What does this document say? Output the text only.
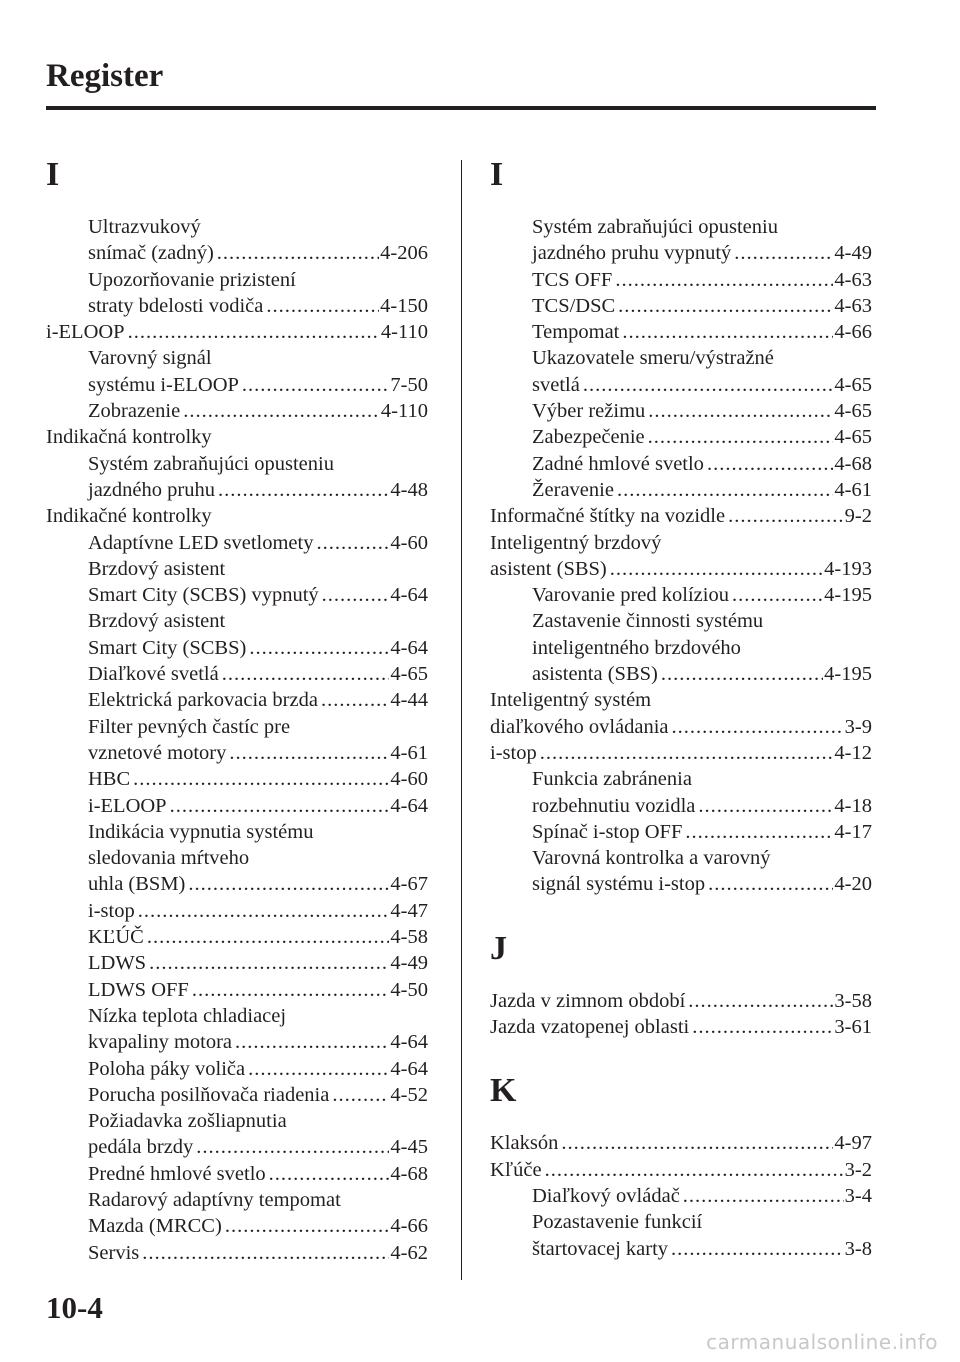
Register
I
Ultrazvukový
snímač (zadný) .....	4-206
Upozorňovanie prizistení
straty bdelosti vodiča .....	4-150
i-ELOOP .....	4-110
Varovný signál
systému i-ELOOP .....	7-50
Zobrazenie .....	4-110
Indikačná kontrolky
Systém zabraňujúci opusteniu
jazdného pruhu .....	4-48
Indikačné kontrolky
Adaptívne LED svetlomety .....	4-60
Brzdový asistent
Smart City (SCBS) vypnutý .....	4-64
Brzdový asistent
Smart City (SCBS) .....	4-64
Diaľkové svetlá .....	4-65
Elektrická parkovacia brzda .....	4-44
Filter pevných častíc pre
vznetové motory .....	4-61
HBC .....	4-60
i-ELOOP .....	4-64
Indikácia vypnutia systému
sledovania mŕtveho
uhla (BSM) .....	4-67
i-stop .....	4-47
KĽÚČ .....	4-58
LDWS .....	4-49
LDWS OFF .....	4-50
Nízka teplota chladiacej
kvapaliny motora .....	4-64
Poloha páky voliča .....	4-64
Porucha posilňovača riadenia .....	4-52
Požiadavka zošliapnutia
pedála brzdy .....	4-45
Predné hmlové svetlo .....	4-68
Radarový adaptívny tempomat
Mazda (MRCC) .....	4-66
Servis .....	4-62
I
Systém zabraňujúci opusteniu
jazdného pruhu vypnutý .....	4-49
TCS OFF .....	4-63
TCS/DSC .....	4-63
Tempomat .....	4-66
Ukazovatele smeru/výstražné
svetlá .....	4-65
Výber režimu .....	4-65
Zabezpečenie .....	4-65
Zadné hmlové svetlo .....	4-68
Žeravenie .....	4-61
Informačné štítky na vozidle .....	9-2
Inteligentný brzdový
asistent (SBS) .....	4-193
Varovanie pred kolíziou .....	4-195
Zastavenie činnosti systému
inteligentného brzdového
asistenta (SBS) .....	4-195
Inteligentný systém
diaľkového ovládania .....	3-9
i-stop .....	4-12
Funkcia zabránenia
rozbehnutiu vozidla .....	4-18
Spínač i-stop OFF .....	4-17
Varovná kontrolka a varovný
signál systému i-stop .....	4-20
J
Jazda v zimnom období .....	3-58
Jazda vzatopenej oblasti .....	3-61
K
Klaksón .....	4-97
Kľúče .....	3-2
Diaľkový ovládač .....	3-4
Pozastavenie funkcií
štartovacej karty .....	3-8
10-4
carmanualsonline.info
